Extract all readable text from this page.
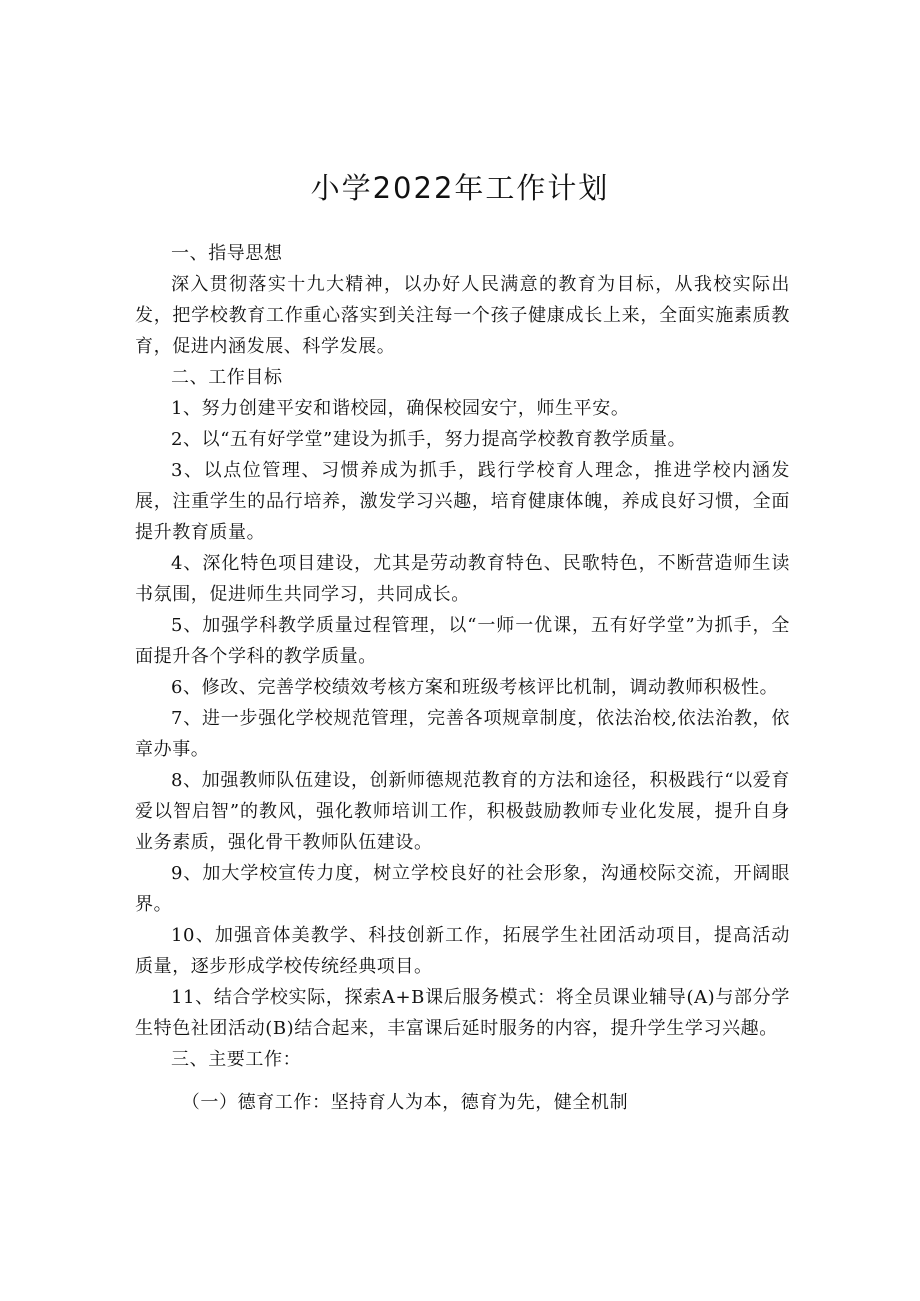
小学2022年工作计划

一、指导思想

深入贯彻落实十九大精神，以办好人民满意的教育为目标，从我校实际出发，把学校教育工作重心落实到关注每一个孩子健康成长上来，全面实施素质教育，促进内涵发展、科学发展。

二、工作目标

1、努力创建平安和谐校园，确保校园安宁，师生平安。

2、以“五有好学堂”建设为抓手，努力提高学校教育教学质量。

3、以点位管理、习惯养成为抓手，践行学校育人理念，推进学校内涵发展，注重学生的品行培养，激发学习兴趣，培育健康体魄，养成良好习惯，全面提升教育质量。

4、深化特色项目建设，尤其是劳动教育特色、民歌特色，不断营造师生读书氛围，促进师生共同学习，共同成长。

5、加强学科教学质量过程管理，以“一师一优课，五有好学堂”为抓手，全面提升各个学科的教学质量。

6、修改、完善学校绩效考核方案和班级考核评比机制，调动教师积极性。

7、进一步强化学校规范管理，完善各项规章制度，依法治校,依法治教，依章办事。

8、加强教师队伍建设，创新师德规范教育的方法和途径，积极践行“以爱育爱以智启智”的教风，强化教师培训工作，积极鼓励教师专业化发展，提升自身业务素质，强化骨干教师队伍建设。

9、加大学校宣传力度，树立学校良好的社会形象，沟通校际交流，开阔眼界。

10、加强音体美教学、科技创新工作，拓展学生社团活动项目，提高活动质量，逐步形成学校传统经典项目。

11、结合学校实际，探索A+B课后服务模式：将全员课业辅导(A)与部分学生特色社团活动(B)结合起来，丰富课后延时服务的内容，提升学生学习兴趣。

三、主要工作：

（一）德育工作：坚持育人为本，德育为先，健全机制
